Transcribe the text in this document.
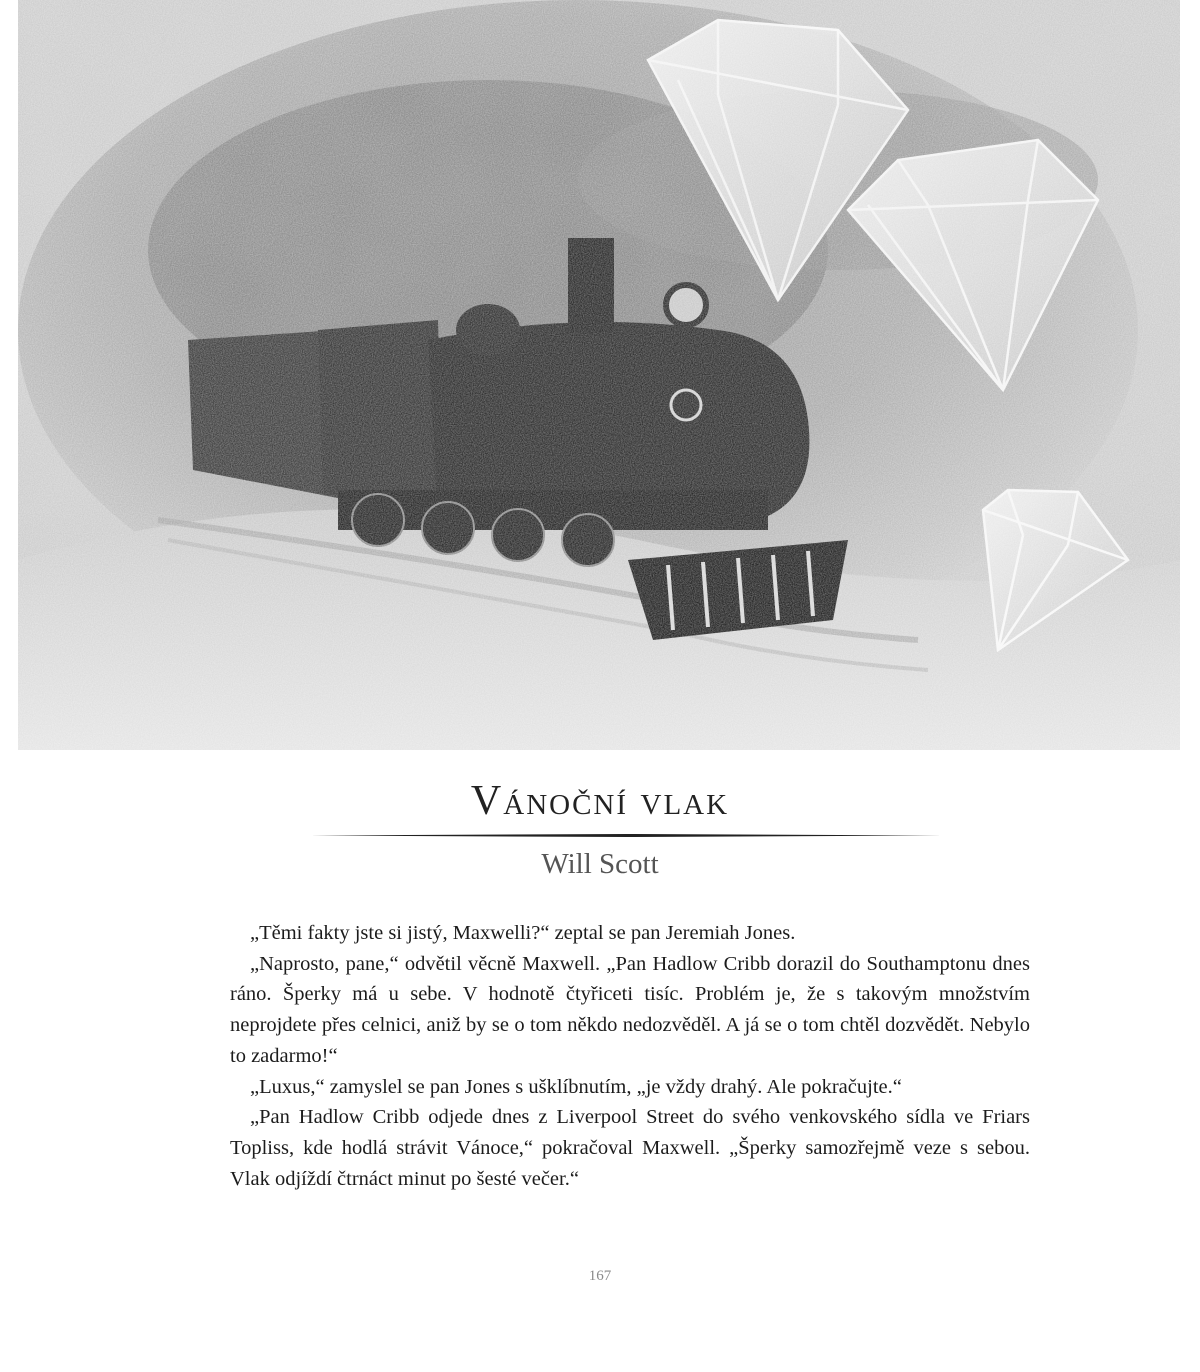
Vánoční vlak
Will Scott

„Těmi fakty jste si jistý, Maxwelli?“ zeptal se pan Jeremiah Jones.

„Naprosto, pane,“ odvětil věcně Maxwell. „Pan Hadlow Cribb dorazil do Southamptonu dnes ráno. Šperky má u sebe. V hodnotě čtyřiceti tisíc. Problém je, že s takovým množstvím neprojdete přes celnici, aniž by se o tom někdo nedozvěděl. A já se o tom chtěl dozvědět. Nebylo to zadarmo!“

„Luxus,“ zamyslel se pan Jones s ušklíbnutím, „je vždy drahý. Ale pokračujte.“

„Pan Hadlow Cribb odjede dnes z Liverpool Street do svého venkovského sídla ve Friars Topliss, kde hodlá strávit Vánoce,“ pokračoval Maxwell. „Šperky samozřejmě veze s sebou. Vlak odjíždí čtrnáct minut po šesté večer.“

167
